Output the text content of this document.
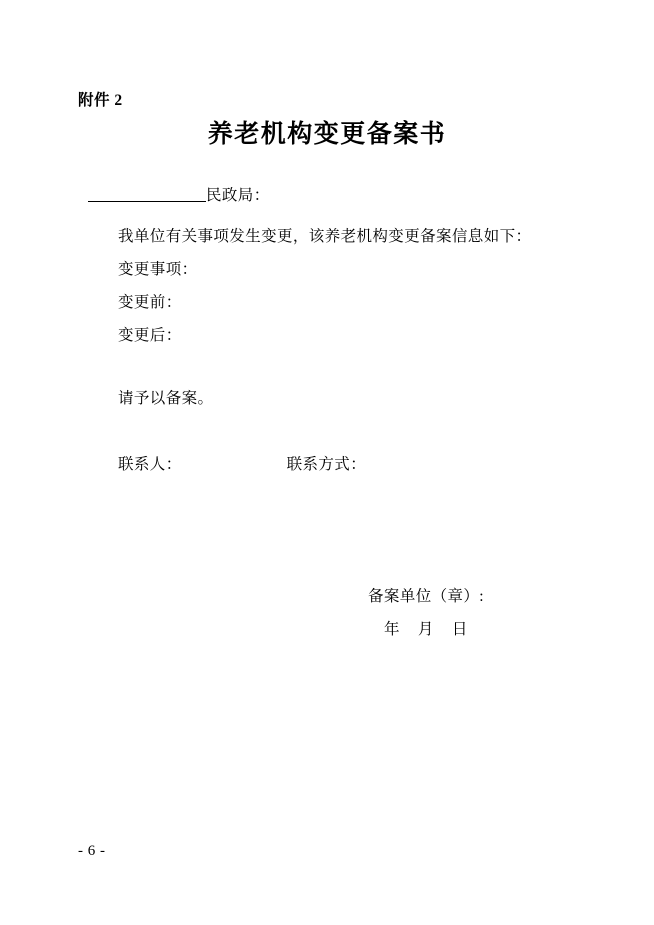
附件 2
养老机构变更备案书
民政局：
我单位有关事项发生变更，该养老机构变更备案信息如下：
变更事项：
变更前：
变更后：
请予以备案。
联系人：	联系方式：
备案单位（章）:
年 月 日
- 6 -
